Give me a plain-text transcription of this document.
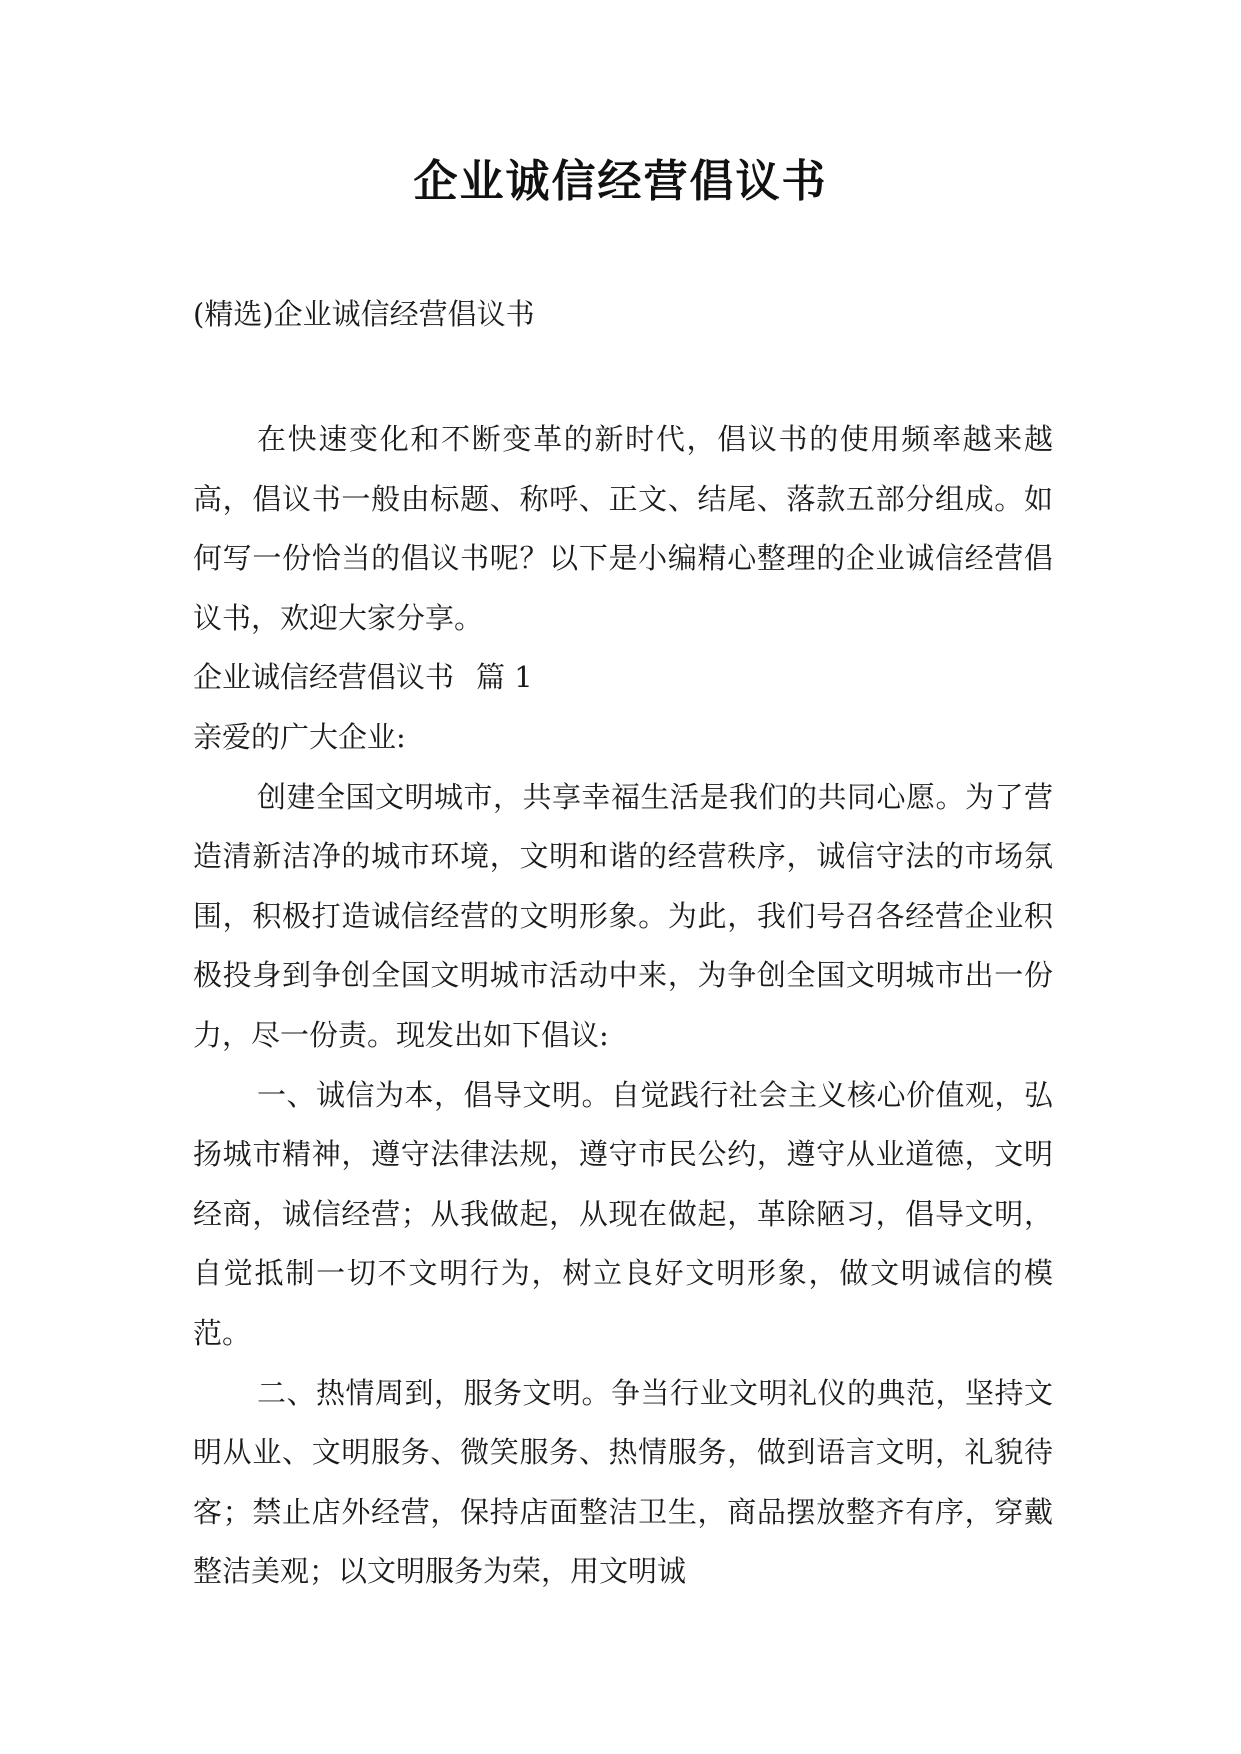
企业诚信经营倡议书
(精选)企业诚信经营倡议书

在快速变化和不断变革的新时代，倡议书的使用频率越来越高，倡议书一般由标题、称呼、正文、结尾、落款五部分组成。如何写一份恰当的倡议书呢？以下是小编精心整理的企业诚信经营倡议书，欢迎大家分享。

企业诚信经营倡议书 篇 1

亲爱的广大企业:

创建全国文明城市，共享幸福生活是我们的共同心愿。为了营造清新洁净的城市环境，文明和谐的经营秩序，诚信守法的市场氛围，积极打造诚信经营的文明形象。为此，我们号召各经营企业积极投身到争创全国文明城市活动中来，为争创全国文明城市出一份力，尽一份责。现发出如下倡议:

一、诚信为本，倡导文明。自觉践行社会主义核心价值观，弘扬城市精神，遵守法律法规，遵守市民公约，遵守从业道德，文明经商，诚信经营；从我做起，从现在做起，革除陋习，倡导文明，自觉抵制一切不文明行为，树立良好文明形象，做文明诚信的模范。

二、热情周到，服务文明。争当行业文明礼仪的典范，坚持文明从业、文明服务、微笑服务、热情服务，做到语言文明，礼貌待客；禁止店外经营，保持店面整洁卫生，商品摆放整齐有序，穿戴整洁美观；以文明服务为荣，用文明诚
